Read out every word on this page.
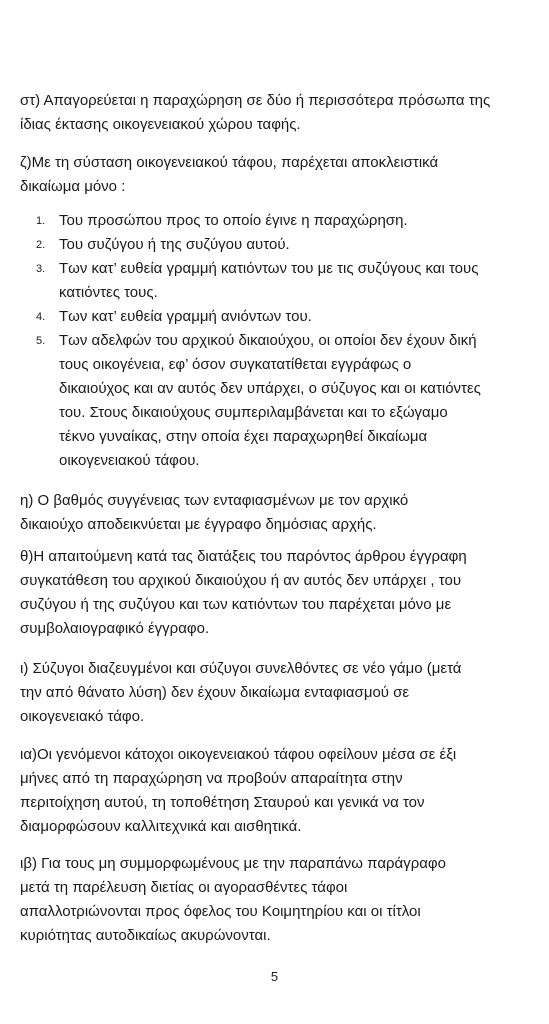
στ) Απαγορεύεται η παραχώρηση σε δύο ή περισσότερα πρόσωπα της
ίδιας έκτασης οικογενειακού χώρου ταφής.

ζ)Με τη σύσταση οικογενειακού τάφου, παρέχεται αποκλειστικά
δικαίωμα μόνο :

1. Του προσώπου προς το οποίο έγινε η παραχώρηση.
2. Του συζύγου ή της συζύγου αυτού.
3. Των κατ’ ευθεία γραμμή κατιόντων του με τις συζύγους και τους
κατιόντες τους.
4. Των κατ’ ευθεία γραμμή ανιόντων του.
5. Των αδελφών του αρχικού δικαιούχου, οι οποίοι δεν έχουν δική
τους οικογένεια, εφ’ όσον συγκατατίθεται εγγράφως ο
δικαιούχος και αν αυτός δεν υπάρχει, ο σύζυγος και οι κατιόντες
του. Στους δικαιούχους συμπεριλαμβάνεται και το εξώγαμο
τέκνο γυναίκας, στην οποία έχει παραχωρηθεί δικαίωμα
οικογενειακού τάφου.

η) Ο βαθμός συγγένειας των ενταφιασμένων με τον αρχικό
δικαιούχο αποδεικνύεται με έγγραφο δημόσιας αρχής.

θ)Η απαιτούμενη κατά τας διατάξεις του παρόντος άρθρου έγγραφη
συγκατάθεση του αρχικού δικαιούχου ή αν αυτός δεν υπάρχει , του
συζύγου ή της συζύγου και των κατιόντων του παρέχεται μόνο με
συμβολαιογραφικό έγγραφο.

ι) Σύζυγοι διαζευγμένοι και σύζυγοι συνελθόντες σε νέο γάμο (μετά
την από θάνατο λύση) δεν έχουν δικαίωμα ενταφιασμού σε
οικογενειακό τάφο.

ια)Οι γενόμενοι κάτοχοι οικογενειακού τάφου οφείλουν μέσα σε έξι
μήνες από τη παραχώρηση να προβούν απαραίτητα στην
περιτοίχηση αυτού, τη τοποθέτηση Σταυρού και γενικά να τον
διαμορφώσουν καλλιτεχνικά και αισθητικά.

ιβ) Για τους μη συμμορφωμένους με την παραπάνω παράγραφο
μετά τη παρέλευση διετίας οι αγορασθέντες τάφοι
απαλλοτριώνονται προς όφελος του Κοιμητηρίου και οι τίτλοι
κυριότητας αυτοδικαίως ακυρώνονται.

5
